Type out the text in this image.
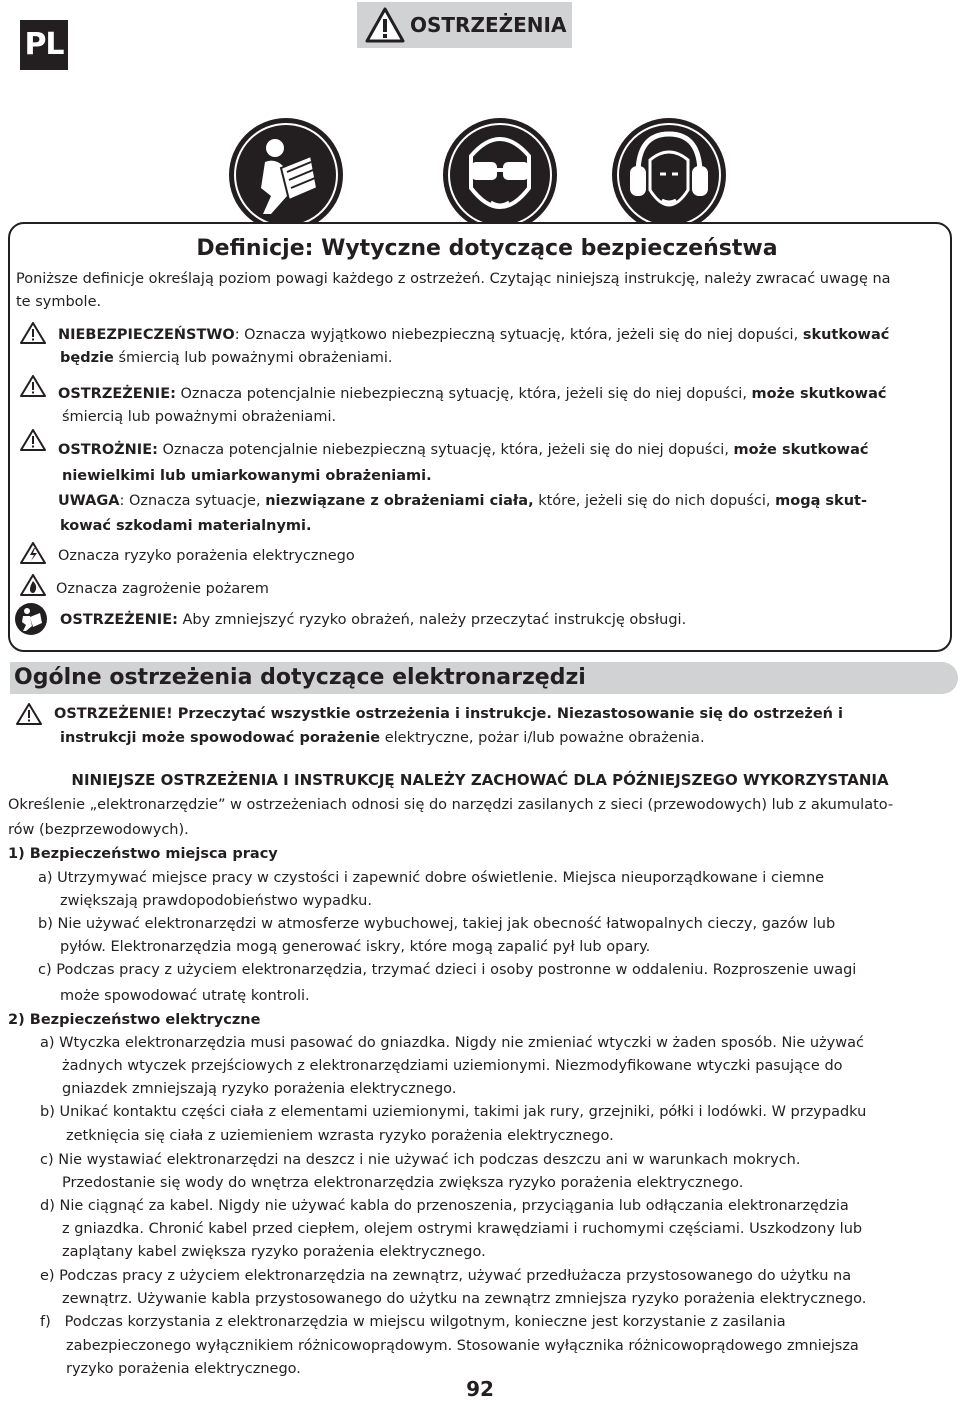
PL
OSTRZEŻENIA
Definicje: Wytyczne dotyczące bezpieczeństwa
Poniższe definicje określają poziom powagi każdego z ostrzeżeń. Czytając niniejszą instrukcję, należy zwracać uwagę na
te symbole.
NIEBEZPIECZEŃSTWO: Oznacza wyjątkowo niebezpieczną sytuację, która, jeżeli się do niej dopuści, skutkować
będzie śmiercią lub poważnymi obrażeniami.
OSTRZEŻENIE: Oznacza potencjalnie niebezpieczną sytuację, która, jeżeli się do niej dopuści, może skutkować
śmiercią lub poważnymi obrażeniami.
OSTROŻNIE: Oznacza potencjalnie niebezpieczną sytuację, która, jeżeli się do niej dopuści, może skutkować
niewielkimi lub umiarkowanymi obrażeniami.
UWAGA: Oznacza sytuacje, niezwiązane z obrażeniami ciała, które, jeżeli się do nich dopuści, mogą skut-
kować szkodami materialnymi.
Oznacza ryzyko porażenia elektrycznego
Oznacza zagrożenie pożarem
OSTRZEŻENIE: Aby zmniejszyć ryzyko obrażeń, należy przeczytać instrukcję obsługi.
Ogólne ostrzeżenia dotyczące elektronarzędzi
OSTRZEŻENIE! Przeczytać wszystkie ostrzeżenia i instrukcje. Niezastosowanie się do ostrzeżeń i
instrukcji może spowodować porażenie elektryczne, pożar i/lub poważne obrażenia.
NINIEJSZE OSTRZEŻENIA I INSTRUKCJĘ NALEŻY ZACHOWAĆ DLA PÓŹNIEJSZEGO WYKORZYSTANIA
Określenie „elektronarzędzie” w ostrzeżeniach odnosi się do narzędzi zasilanych z sieci (przewodowych) lub z akumulato-
rów (bezprzewodowych).
1) Bezpieczeństwo miejsca pracy
a) Utrzymywać miejsce pracy w czystości i zapewnić dobre oświetlenie. Miejsca nieuporządkowane i ciemne
zwiększają prawdopodobieństwo wypadku.
b) Nie używać elektronarzędzi w atmosferze wybuchowej, takiej jak obecność łatwopalnych cieczy, gazów lub
pyłów. Elektronarzędzia mogą generować iskry, które mogą zapalić pył lub opary.
c) Podczas pracy z użyciem elektronarzędzia, trzymać dzieci i osoby postronne w oddaleniu. Rozproszenie uwagi
może spowodować utratę kontroli.
2) Bezpieczeństwo elektryczne
a) Wtyczka elektronarzędzia musi pasować do gniazdka. Nigdy nie zmieniać wtyczki w żaden sposób. Nie używać
żadnych wtyczek przejściowych z elektronarzędziami uziemionymi. Niezmodyfikowane wtyczki pasujące do
gniazdek zmniejszają ryzyko porażenia elektrycznego.
b) Unikać kontaktu części ciała z elementami uziemionymi, takimi jak rury, grzejniki, półki i lodówki. W przypadku
zetknięcia się ciała z uziemieniem wzrasta ryzyko porażenia elektrycznego.
c) Nie wystawiać elektronarzędzi na deszcz i nie używać ich podczas deszczu ani w warunkach mokrych.
Przedostanie się wody do wnętrza elektronarzędzia zwiększa ryzyko porażenia elektrycznego.
d) Nie ciągnąć za kabel. Nigdy nie używać kabla do przenoszenia, przyciągania lub odłączania elektronarzędzia
z gniazdka. Chronić kabel przed ciepłem, olejem ostrymi krawędziami i ruchomymi częściami. Uszkodzony lub
zaplątany kabel zwiększa ryzyko porażenia elektrycznego.
e) Podczas pracy z użyciem elektronarzędzia na zewnątrz, używać przedłużacza przystosowanego do użytku na
zewnątrz. Używanie kabla przystosowanego do użytku na zewnątrz zmniejsza ryzyko porażenia elektrycznego.
f)   Podczas korzystania z elektronarzędzia w miejscu wilgotnym, konieczne jest korzystanie z zasilania
zabezpieczonego wyłącznikiem różnicowoprądowym. Stosowanie wyłącznika różnicowoprądowego zmniejsza
ryzyko porażenia elektrycznego.
92
